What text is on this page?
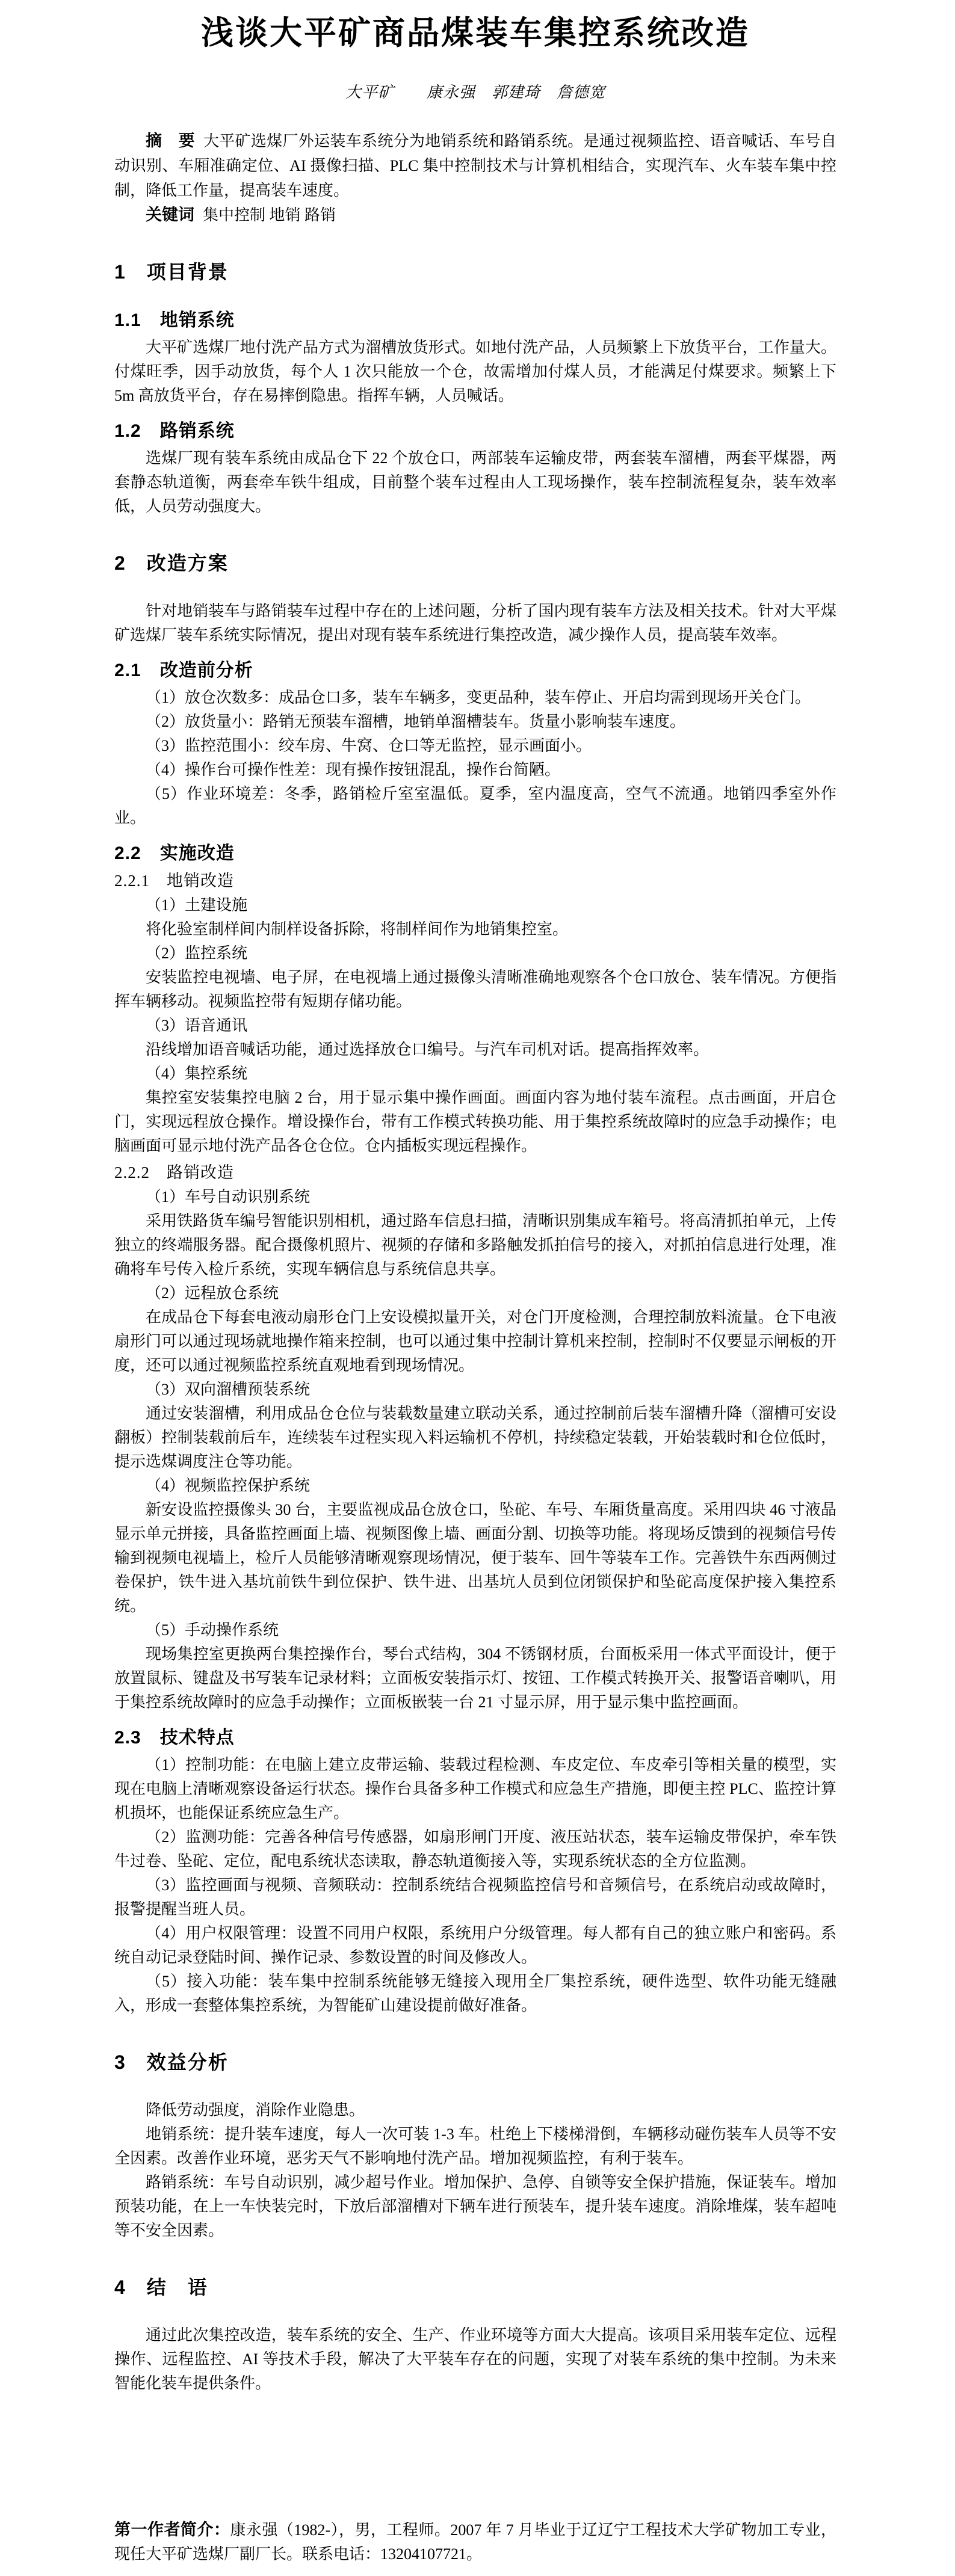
浅谈大平矿商品煤装车集控系统改造
大平矿　　康永强　郭建琦　詹德宽
摘　要 大平矿选煤厂外运装车系统分为地销系统和路销系统。是通过视频监控、语音喊话、车号自动识别、车厢准确定位、AI 摄像扫描、PLC 集中控制技术与计算机相结合，实现汽车、火车装车集中控制，降低工作量，提高装车速度。
关键词 集中控制 地销 路销
1　项目背景
1.1　地销系统

大平矿选煤厂地付洗产品方式为溜槽放货形式。如地付洗产品，人员频繁上下放货平台，工作量大。付煤旺季，因手动放货，每个人 1 次只能放一个仓，故需增加付煤人员，才能满足付煤要求。频繁上下 5m 高放货平台，存在易摔倒隐患。指挥车辆，人员喊话。

1.2　路销系统

选煤厂现有装车系统由成品仓下 22 个放仓口，两部装车运输皮带，两套装车溜槽，两套平煤器，两套静态轨道衡，两套牵车铁牛组成，目前整个装车过程由人工现场操作，装车控制流程复杂，装车效率低，人员劳动强度大。

2　改造方案

针对地销装车与路销装车过程中存在的上述问题，分析了国内现有装车方法及相关技术。针对大平煤矿选煤厂装车系统实际情况，提出对现有装车系统进行集控改造，减少操作人员，提高装车效率。

2.1　改造前分析

（1）放仓次数多：成品仓口多，装车车辆多，变更品种，装车停止、开启均需到现场开关仓门。

（2）放货量小：路销无预装车溜槽，地销单溜槽装车。货量小影响装车速度。

（3）监控范围小：绞车房、牛窝、仓口等无监控，显示画面小。

（4）操作台可操作性差：现有操作按钮混乱，操作台简陋。

（5）作业环境差：冬季，路销检斤室室温低。夏季，室内温度高，空气不流通。地销四季室外作业。

2.2　实施改造
2.2.1　地销改造

（1）土建设施

将化验室制样间内制样设备拆除，将制样间作为地销集控室。

（2）监控系统

安装监控电视墙、电子屏，在电视墙上通过摄像头清晰准确地观察各个仓口放仓、装车情况。方便指挥车辆移动。视频监控带有短期存储功能。

（3）语音通讯

沿线增加语音喊话功能，通过选择放仓口编号。与汽车司机对话。提高指挥效率。

（4）集控系统

集控室安装集控电脑 2 台，用于显示集中操作画面。画面内容为地付装车流程。点击画面，开启仓门，实现远程放仓操作。增设操作台，带有工作模式转换功能、用于集控系统故障时的应急手动操作；电脑画面可显示地付洗产品各仓仓位。仓内插板实现远程操作。

2.2.2　路销改造

（1）车号自动识别系统

采用铁路货车编号智能识别相机，通过路车信息扫描，清晰识别集成车箱号。将高清抓拍单元，上传独立的终端服务器。配合摄像机照片、视频的存储和多路触发抓拍信号的接入，对抓拍信息进行处理，准确将车号传入检斤系统，实现车辆信息与系统信息共享。

（2）远程放仓系统

在成品仓下每套电液动扇形仓门上安设模拟量开关，对仓门开度检测，合理控制放料流量。仓下电液扇形门可以通过现场就地操作箱来控制，也可以通过集中控制计算机来控制，控制时不仅要显示闸板的开度，还可以通过视频监控系统直观地看到现场情况。

（3）双向溜槽预装系统

通过安装溜槽，利用成品仓仓位与装载数量建立联动关系，通过控制前后装车溜槽升降（溜槽可安设翻板）控制装载前后车，连续装车过程实现入料运输机不停机，持续稳定装载，开始装载时和仓位低时，提示选煤调度注仓等功能。

（4）视频监控保护系统

新安设监控摄像头 30 台，主要监视成品仓放仓口，坠砣、车号、车厢货量高度。采用四块 46 寸液晶显示单元拼接，具备监控画面上墙、视频图像上墙、画面分割、切换等功能。将现场反馈到的视频信号传输到视频电视墙上，检斤人员能够清晰观察现场情况，便于装车、回牛等装车工作。完善铁牛东西两侧过卷保护，铁牛进入基坑前铁牛到位保护、铁牛进、出基坑人员到位闭锁保护和坠砣高度保护接入集控系统。

（5）手动操作系统

现场集控室更换两台集控操作台，琴台式结构，304 不锈钢材质，台面板采用一体式平面设计，便于放置鼠标、键盘及书写装车记录材料；立面板安装指示灯、按钮、工作模式转换开关、报警语音喇叭，用于集控系统故障时的应急手动操作；立面板嵌装一台 21 寸显示屏，用于显示集中监控画面。

2.3　技术特点

（1）控制功能：在电脑上建立皮带运输、装载过程检测、车皮定位、车皮牵引等相关量的模型，实现在电脑上清晰观察设备运行状态。操作台具备多种工作模式和应急生产措施，即便主控 PLC、监控计算机损坏，也能保证系统应急生产。

（2）监测功能：完善各种信号传感器，如扇形闸门开度、液压站状态，装车运输皮带保护，牵车铁牛过卷、坠砣、定位，配电系统状态读取，静态轨道衡接入等，实现系统状态的全方位监测。

（3）监控画面与视频、音频联动：控制系统结合视频监控信号和音频信号，在系统启动或故障时，报警提醒当班人员。

（4）用户权限管理：设置不同用户权限，系统用户分级管理。每人都有自己的独立账户和密码。系统自动记录登陆时间、操作记录、参数设置的时间及修改人。

（5）接入功能：装车集中控制系统能够无缝接入现用全厂集控系统，硬件选型、软件功能无缝融入，形成一套整体集控系统，为智能矿山建设提前做好准备。

3　效益分析

降低劳动强度，消除作业隐患。

地销系统：提升装车速度，每人一次可装 1-3 车。杜绝上下楼梯滑倒，车辆移动碰伤装车人员等不安全因素。改善作业环境，恶劣天气不影响地付洗产品。增加视频监控，有利于装车。

路销系统：车号自动识别，减少超号作业。增加保护、急停、自锁等安全保护措施，保证装车。增加预装功能，在上一车快装完时，下放后部溜槽对下辆车进行预装车，提升装车速度。消除堆煤，装车超吨等不安全因素。

4　结　语

通过此次集控改造，装车系统的安全、生产、作业环境等方面大大提高。该项目采用装车定位、远程操作、远程监控、AI 等技术手段，解决了大平装车存在的问题，实现了对装车系统的集中控制。为未来智能化装车提供条件。

第一作者简介：康永强（1982-），男，工程师。2007 年 7 月毕业于辽辽宁工程技术大学矿物加工专业，现任大平矿选煤厂副厂长。联系电话：13204107721。
